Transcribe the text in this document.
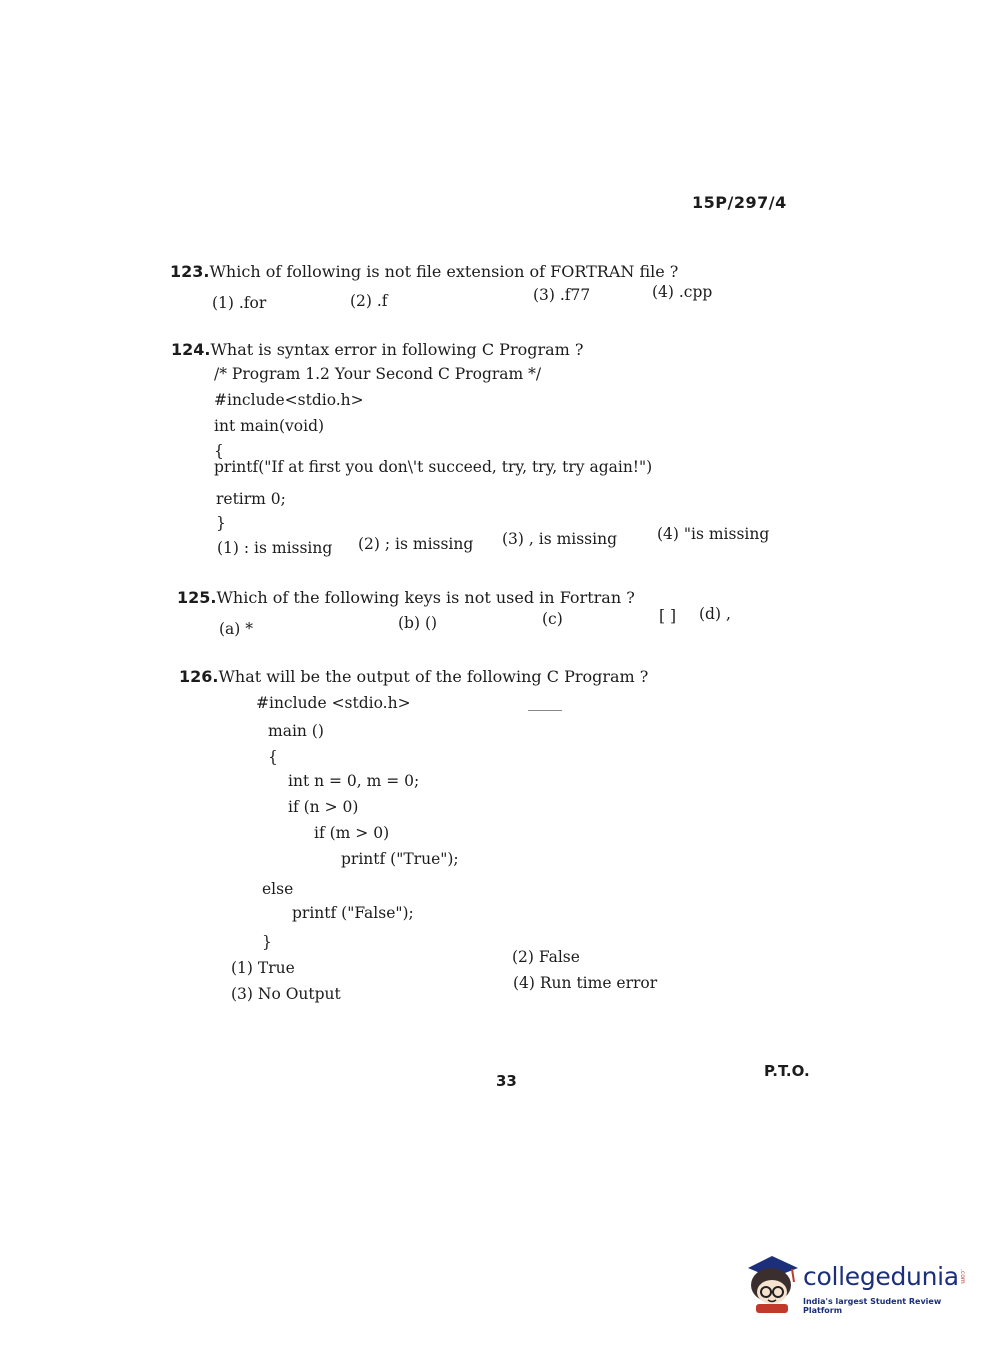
15P/297/4
123.Which of following is not file extension of FORTRAN file ?
(1) .for	(2) .f	(3) .f77	(4) .cpp
124.What is syntax error in following C Program ?
/* Program 1.2 Your Second C Program */
#include<stdio.h>
int main(void)
{
printf("If at first you don\'t succeed, try, try, try again!")
retirm 0;
}
(1) : is missing (2) ; is missing (3) , is missing	(4) "is missing
125.Which of the following keys is not used in Fortran ?
(a) *	(b) ()	(c)	[ ] (d) ,
126.What will be the output of the following C Program ?
#include <stdio.h>
main ()
{
int n = 0, m = 0;
if (n > 0)
if (m > 0)
printf ("True");
else
printf ("False");
}
(1) True
(2) False
(3) No Output
(4) Run time error
P.T.O.
33
collegedunia .com
India's largest Student Review Platform
